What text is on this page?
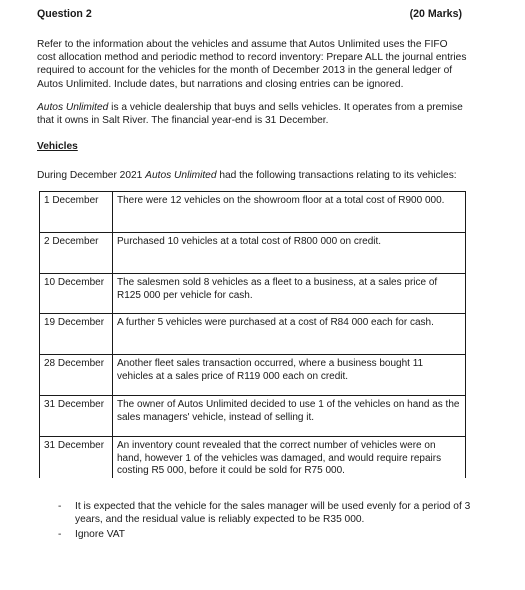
Question 2	(20 Marks)
Refer to the information about the vehicles and assume that Autos Unlimited uses the FIFO cost allocation method and periodic method to record inventory: Prepare ALL the journal entries required to account for the vehicles for the month of December 2013 in the general ledger of Autos Unlimited. Include dates, but narrations and closing entries can be ignored.
Autos Unlimited is a vehicle dealership that buys and sells vehicles. It operates from a premise that it owns in Salt River. The financial year-end is 31 December.
Vehicles
During December 2021 Autos Unlimited had the following transactions relating to its vehicles:
1 December	There were 12 vehicles on the showroom floor at a total cost of R900 000.
2 December	Purchased 10 vehicles at a total cost of R800 000 on credit.
10 December	The salesmen sold 8 vehicles as a fleet to a business, at a sales price of R125 000 per vehicle for cash.
19 December	A further 5 vehicles were purchased at a cost of R84 000 each for cash.
28 December	Another fleet sales transaction occurred, where a business bought 11 vehicles at a sales price of R119 000 each on credit.
31 December	The owner of Autos Unlimited decided to use 1 of the vehicles on hand as the sales managers' vehicle, instead of selling it.
31 December	An inventory count revealed that the correct number of vehicles were on hand, however 1 of the vehicles was damaged, and would require repairs costing R5 000, before it could be sold for R75 000.
- It is expected that the vehicle for the sales manager will be used evenly for a period of 3 years, and the residual value is reliably expected to be R35 000.
- Ignore VAT
